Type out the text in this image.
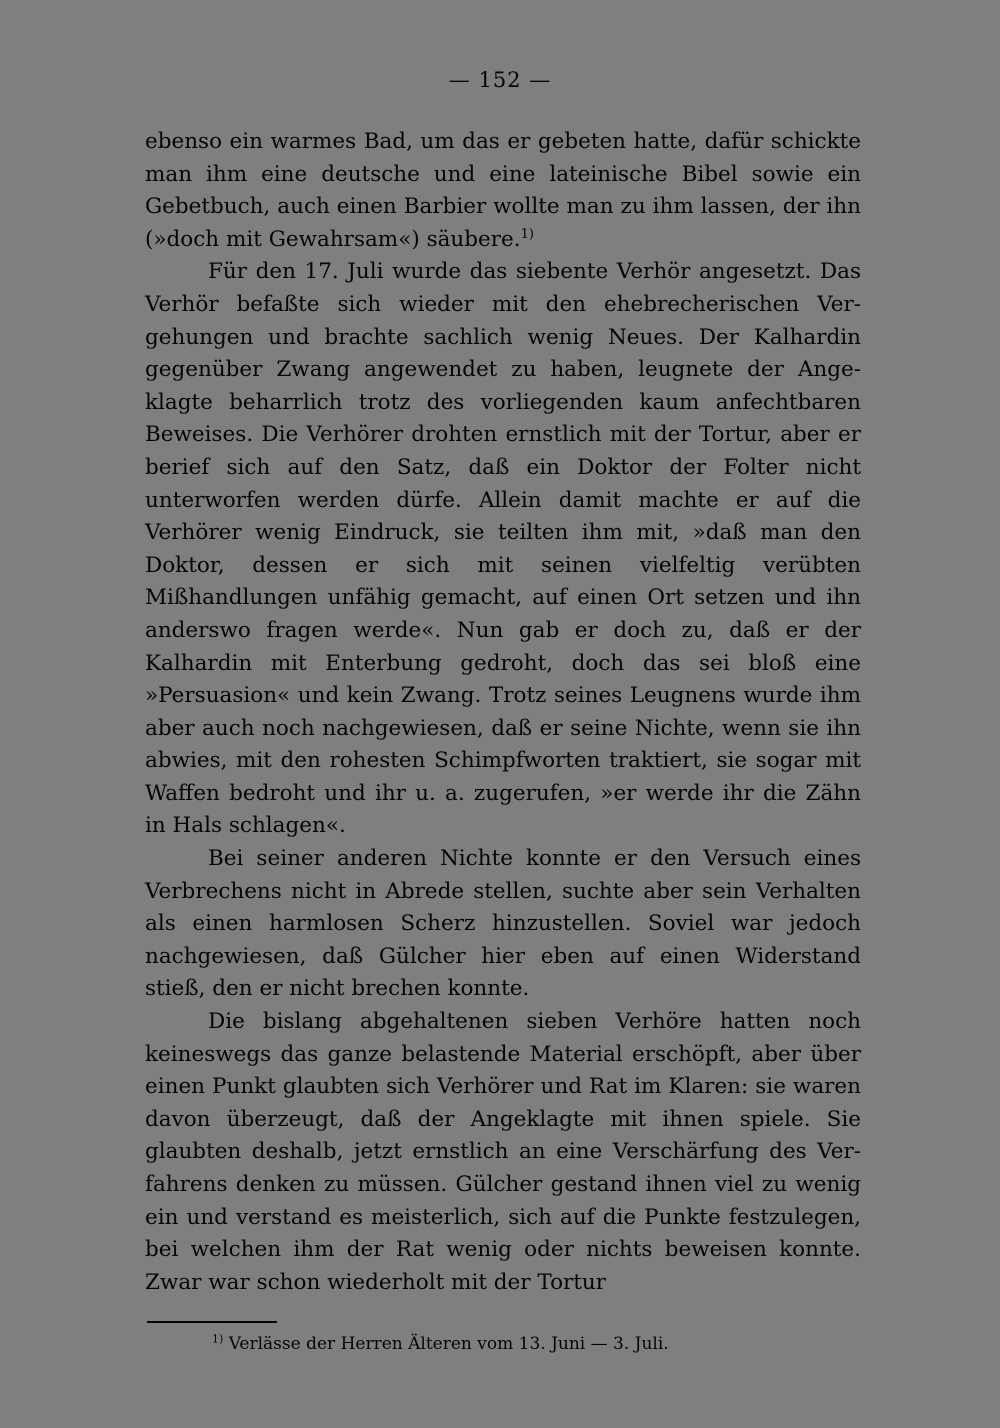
— 152 —

ebenso ein warmes Bad, um das er gebeten hatte, dafür schickte man ihm eine deutsche und eine lateinische Bibel sowie ein Gebetbuch, auch einen Barbier wollte man zu ihm lassen, der ihn (»doch mit Gewahrsam«) säubere.$^{1)}$

Für den 17. Juli wurde das siebente Verhör angesetzt. Das Verhör befaßte sich wieder mit den ehebrecherischen Vergehungen und brachte sachlich wenig Neues. Der Kalhardin gegenüber Zwang angewendet zu haben, leugnete der Angeklagte beharrlich trotz des vorliegenden kaum anfechtbaren Beweises. Die Verhörer drohten ernstlich mit der Tortur, aber er berief sich auf den Satz, daß ein Doktor der Folter nicht unterworfen werden dürfe. Allein damit machte er auf die Verhörer wenig Eindruck, sie teilten ihm mit, »daß man den Doktor, dessen er sich mit seinen vielfeltig verübten Mißhandlungen unfähig gemacht, auf einen Ort setzen und ihn anderswo fragen werde«. Nun gab er doch zu, daß er der Kalhardin mit Enterbung gedroht, doch das sei bloß eine »Persuasion« und kein Zwang. Trotz seines Leugnens wurde ihm aber auch noch nachgewiesen, daß er seine Nichte, wenn sie ihn abwies, mit den rohesten Schimpfworten traktiert, sie sogar mit Waffen bedroht und ihr u. a. zugerufen, »er werde ihr die Zähn in Hals schlagen«.

Bei seiner anderen Nichte konnte er den Versuch eines Verbrechens nicht in Abrede stellen, suchte aber sein Verhalten als einen harmlosen Scherz hinzustellen. Soviel war jedoch nachgewiesen, daß Gülcher hier eben auf einen Widerstand stieß, den er nicht brechen konnte.

Die bislang abgehaltenen sieben Verhöre hatten noch keineswegs das ganze belastende Material erschöpft, aber über einen Punkt glaubten sich Verhörer und Rat im Klaren: sie waren davon überzeugt, daß der Angeklagte mit ihnen spiele. Sie glaubten deshalb, jetzt ernstlich an eine Verschärfung des Verfahrens denken zu müssen. Gülcher gestand ihnen viel zu wenig ein und verstand es meisterlich, sich auf die Punkte festzulegen, bei welchen ihm der Rat wenig oder nichts beweisen konnte. Zwar war schon wiederholt mit der Tortur

$^{1)}$ Verlässe der Herren Älteren vom 13. Juni — 3. Juli.
